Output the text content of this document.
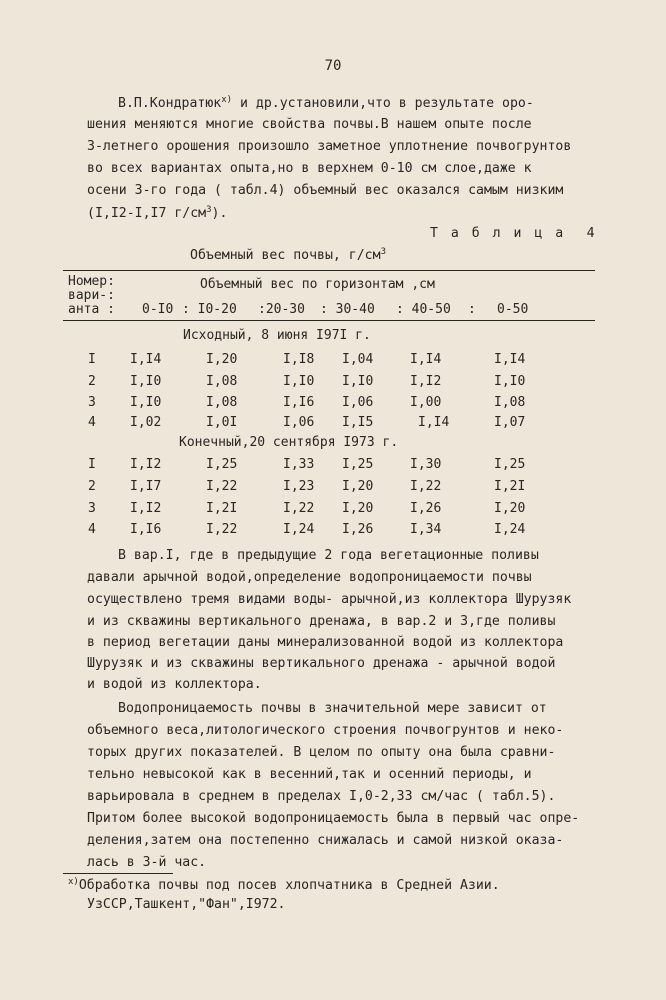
70
В.П.Кондратюк$^{x)}$ и др.установили,что в результате оро-
шения меняются многие свойства почвы.В нашем опыте после
3-летнего орошения произошло заметное уплотнение почвогрунтов
во всех вариантах опыта,но в верхнем 0-10 см слое,даже к
осени 3-го года ( табл.4) объемный вес оказался самым низким
(I,I2-I,I7 $г/см^3$).
Т а б л и ц а  4
Объемный вес почвы, $г/см^3$
Номер:
вари-:
анта :
Объемный вес по горизонтам ,см
0-I0 : I0-20 :20-30 : 30-40 : 40-50 : 0-50
Исходный, 8 июня I97I г.
I	I,I4	I,20	I,I8 I,04	I,I4	I,I4
2	I,I0	I,08	I,I0 I,I0	I,I2	I,I0
3	I,I0	I,08	I,I6 I,06	I,00	I,08
4	I,02	I,0I	I,06 I,I5	I,I4	I,07
Конечный,20 сентября I973 г.
I	I,I2	I,25	I,33 I,25	I,30	I,25
2	I,I7	I,22	I,23 I,20	I,22	I,2I
3	I,I2	I,2I	I,22 I,20	I,26	I,20
4	I,I6	I,22	I,24 I,26	I,34	I,24
В вар.I, где в предыдущие 2 года вегетационные поливы
давали арычной водой,определение водопроницаемости почвы
осуществлено тремя видами воды- арычной,из коллектора Шурузяк
и из скважины вертикального дренажа, в вар.2 и 3,где поливы
в период вегетации даны минерализованной водой из коллектора
Шурузяк и из скважины вертикального дренажа - арычной водой
и водой из коллектора.
Водопроницаемость почвы в значительной мере зависит от
объемного веса,литологического строения почвогрунтов и неко-
торых других показателей. В целом по опыту она была сравни-
тельно невысокой как в весенний,так и осенний периоды, и
варьировала в среднем в пределах I,0-2,33 см/час ( табл.5).
Притом более высокой водопроницаемость была в первый час опре-
деления,затем она постепенно снижалась и самой низкой оказа-
лась в 3-й час.
$^{x)}$Обработка почвы под посев хлопчатника в Средней Азии.
УзССР,Ташкент,"Фан",I972.
